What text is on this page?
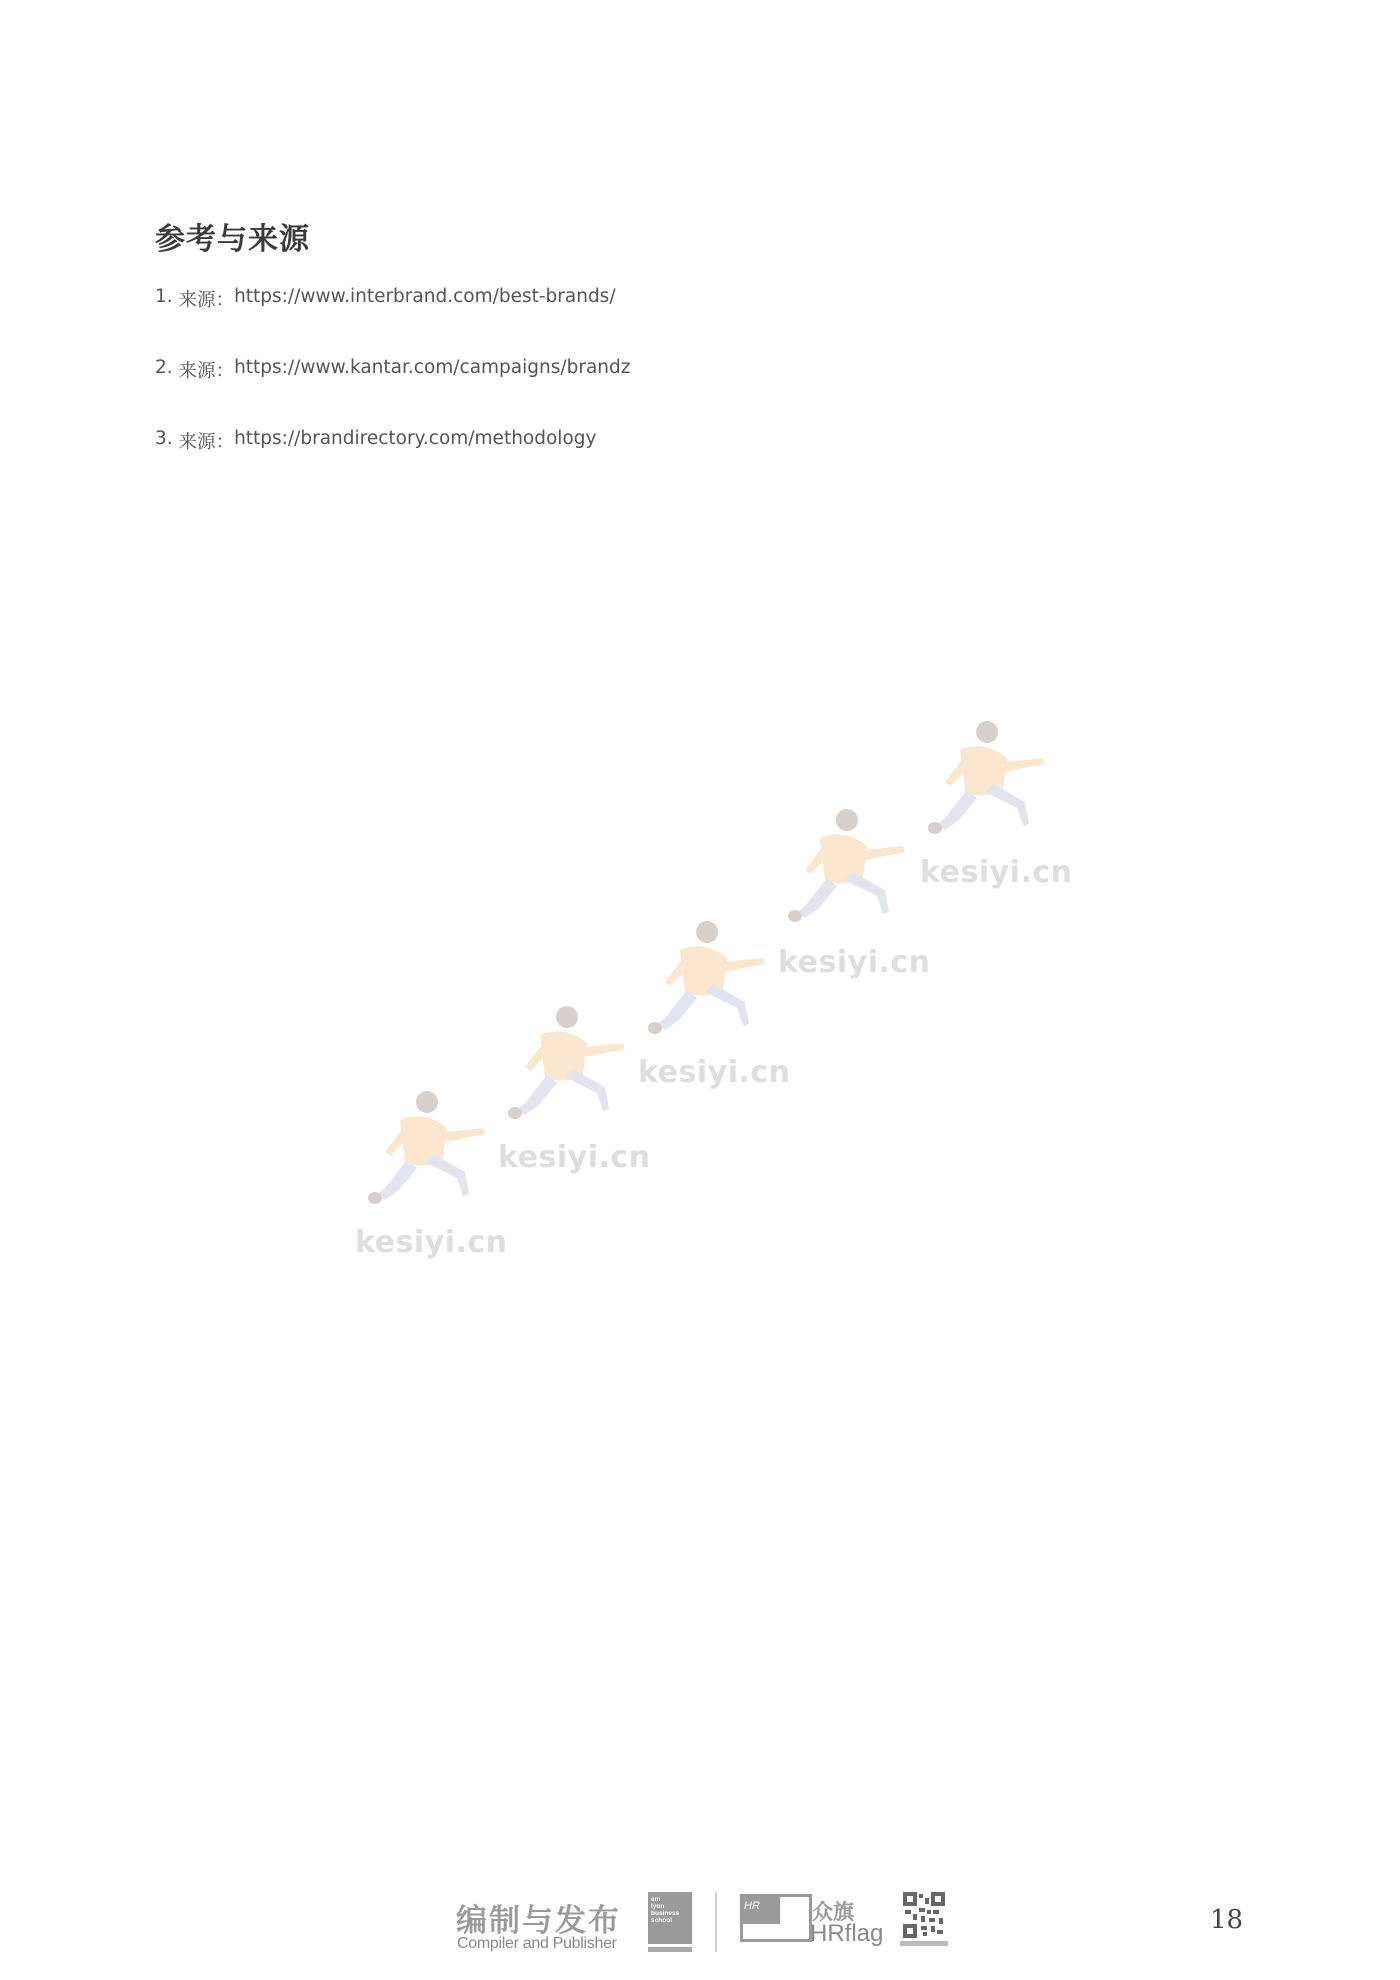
参考与来源
1. 来源：https://www.interbrand.com/best-brands/
2. 来源：https://www.kantar.com/campaigns/brandz
3. 来源：https://brandirectory.com/methodology
kesiyi.cn
kesiyi.cn
kesiyi.cn
kesiyi.cn
kesiyi.cn
编制与发布
Compiler and Publisher
em
lyon
business
school
HR 众旗
HRflag	18
